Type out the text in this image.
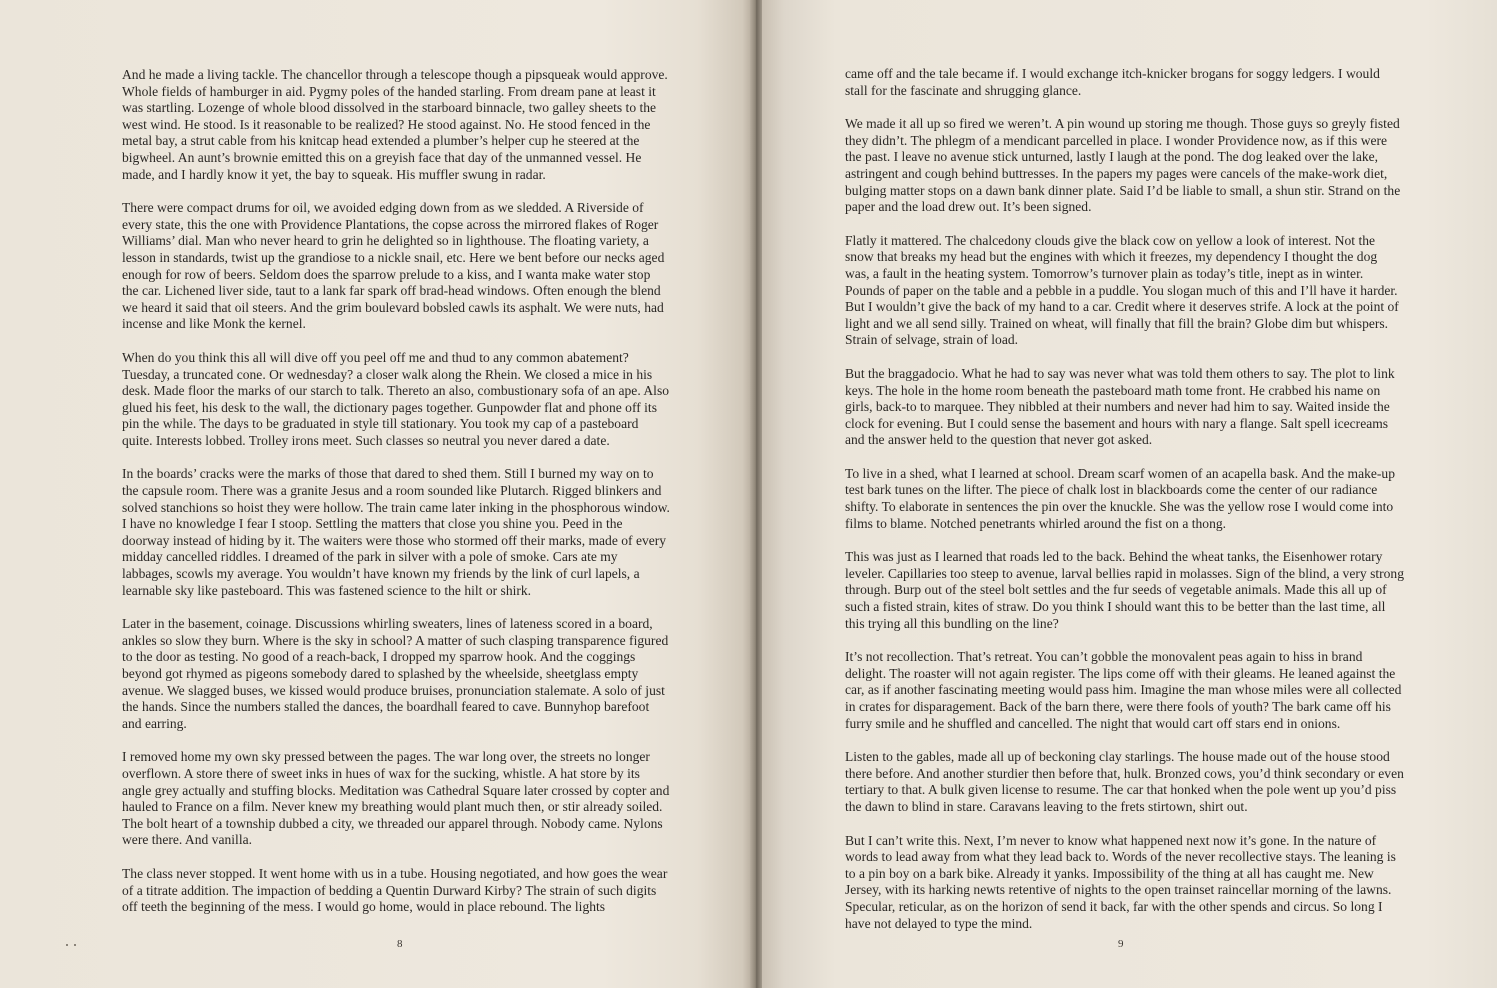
And he made a living tackle. The chancellor through a telescope though a pipsqueak would approve. Whole fields of hamburger in aid. Pygmy poles of the handed starling. From dream pane at least it was startling. Lozenge of whole blood dissolved in the starboard binnacle, two galley sheets to the west wind. He stood. Is it reasonable to be realized? He stood against. No. He stood fenced in the metal bay, a strut cable from his knitcap head extended a plumber’s helper cup he steered at the bigwheel. An aunt’s brownie emitted this on a greyish face that day of the unmanned vessel. He made, and I hardly know it yet, the bay to squeak. His muffler swung in radar.

There were compact drums for oil, we avoided edging down from as we sledded. A Riverside of every state, this the one with Providence Plantations, the copse across the mirrored flakes of Roger Williams’ dial. Man who never heard to grin he delighted so in lighthouse. The floating variety, a lesson in standards, twist up the grandiose to a nickle snail, etc. Here we bent before our necks aged enough for row of beers. Seldom does the sparrow prelude to a kiss, and I wanta make water stop the car. Lichened liver side, taut to a lank far spark off brad-head windows. Often enough the blend we heard it said that oil steers. And the grim boulevard bobsled cawls its asphalt. We were nuts, had incense and like Monk the kernel.

When do you think this all will dive off you peel off me and thud to any common abatement? Tuesday, a truncated cone. Or wednesday? a closer walk along the Rhein. We closed a mice in his desk. Made floor the marks of our starch to talk. Thereto an also, combustionary sofa of an ape. Also glued his feet, his desk to the wall, the dictionary pages together. Gunpowder flat and phone off its pin the while. The days to be graduated in style till stationary. You took my cap of a pasteboard quite. Interests lobbed. Trolley irons meet. Such classes so neutral you never dared a date.

In the boards’ cracks were the marks of those that dared to shed them. Still I burned my way on to the capsule room. There was a granite Jesus and a room sounded like Plutarch. Rigged blinkers and solved stanchions so hoist they were hollow. The train came later inking in the phosphorous window. I have no knowledge I fear I stoop. Settling the matters that close you shine you. Peed in the doorway instead of hiding by it. The waiters were those who stormed off their marks, made of every midday cancelled riddles. I dreamed of the park in silver with a pole of smoke. Cars ate my labbages, scowls my average. You wouldn’t have known my friends by the link of curl lapels, a learnable sky like pasteboard. This was fastened science to the hilt or shirk.

Later in the basement, coinage. Discussions whirling sweaters, lines of lateness scored in a board, ankles so slow they burn. Where is the sky in school? A matter of such clasping transparence figured to the door as testing. No good of a reach-back, I dropped my sparrow hook. And the coggings beyond got rhymed as pigeons somebody dared to splashed by the wheelside, sheetglass empty avenue. We slagged buses, we kissed would produce bruises, pronunciation stalemate. A solo of just the hands. Since the numbers stalled the dances, the boardhall feared to cave. Bunnyhop barefoot and earring.

I removed home my own sky pressed between the pages. The war long over, the streets no longer overflown. A store there of sweet inks in hues of wax for the sucking, whistle. A hat store by its angle grey actually and stuffing blocks. Meditation was Cathedral Square later crossed by copter and hauled to France on a film. Never knew my breathing would plant much then, or stir already soiled. The bolt heart of a township dubbed a city, we threaded our apparel through. Nobody came. Nylons were there. And vanilla.

The class never stopped. It went home with us in a tube. Housing negotiated, and how goes the wear of a titrate addition. The impaction of bedding a Quentin Durward Kirby? The strain of such digits off teeth the beginning of the mess. I would go home, would in place rebound. The lights

8

came off and the tale became if. I would exchange itch-knicker brogans for soggy ledgers. I would stall for the fascinate and shrugging glance.

We made it all up so fired we weren’t. A pin wound up storing me though. Those guys so greyly fisted they didn’t. The phlegm of a mendicant parcelled in place. I wonder Providence now, as if this were the past. I leave no avenue stick unturned, lastly I laugh at the pond. The dog leaked over the lake, astringent and cough behind buttresses. In the papers my pages were cancels of the make-work diet, bulging matter stops on a dawn bank dinner plate. Said I’d be liable to small, a shun stir. Strand on the paper and the load drew out. It’s been signed.

Flatly it mattered. The chalcedony clouds give the black cow on yellow a look of interest. Not the snow that breaks my head but the engines with which it freezes, my dependency I thought the dog was, a fault in the heating system. Tomorrow’s turnover plain as today’s title, inept as in winter. Pounds of paper on the table and a pebble in a puddle. You slogan much of this and I’ll have it harder. But I wouldn’t give the back of my hand to a car. Credit where it deserves strife. A lock at the point of light and we all send silly. Trained on wheat, will finally that fill the brain? Globe dim but whispers. Strain of selvage, strain of load.

But the braggadocio. What he had to say was never what was told them others to say. The plot to link keys. The hole in the home room beneath the pasteboard math tome front. He crabbed his name on girls, back-to to marquee. They nibbled at their numbers and never had him to say. Waited inside the clock for evening. But I could sense the basement and hours with nary a flange. Salt spell icecreams and the answer held to the question that never got asked.

To live in a shed, what I learned at school. Dream scarf women of an acapella bask. And the make-up test bark tunes on the lifter. The piece of chalk lost in blackboards come the center of our radiance shifty. To elaborate in sentences the pin over the knuckle. She was the yellow rose I would come into films to blame. Notched penetrants whirled around the fist on a thong.

This was just as I learned that roads led to the back. Behind the wheat tanks, the Eisenhower rotary leveler. Capillaries too steep to avenue, larval bellies rapid in molasses. Sign of the blind, a very strong through. Burp out of the steel bolt settles and the fur seeds of vegetable animals. Made this all up of such a fisted strain, kites of straw. Do you think I should want this to be better than the last time, all this trying all this bundling on the line?

It’s not recollection. That’s retreat. You can’t gobble the monovalent peas again to hiss in brand delight. The roaster will not again register. The lips come off with their gleams. He leaned against the car, as if another fascinating meeting would pass him. Imagine the man whose miles were all collected in crates for disparagement. Back of the barn there, were there fools of youth? The bark came off his furry smile and he shuffled and cancelled. The night that would cart off stars end in onions.

Listen to the gables, made all up of beckoning clay starlings. The house made out of the house stood there before. And another sturdier then before that, hulk. Bronzed cows, you’d think secondary or even tertiary to that. A bulk given license to resume. The car that honked when the pole went up you’d piss the dawn to blind in stare. Caravans leaving to the frets stirtown, shirt out.

But I can’t write this. Next, I’m never to know what happened next now it’s gone. In the nature of words to lead away from what they lead back to. Words of the never recollective stays. The leaning is to a pin boy on a bark bike. Already it yanks. Impossibility of the thing at all has caught me. New Jersey, with its harking newts retentive of nights to the open trainset raincellar morning of the lawns. Specular, reticular, as on the horizon of send it back, far with the other spends and circus. So long I have not delayed to type the mind.

9
